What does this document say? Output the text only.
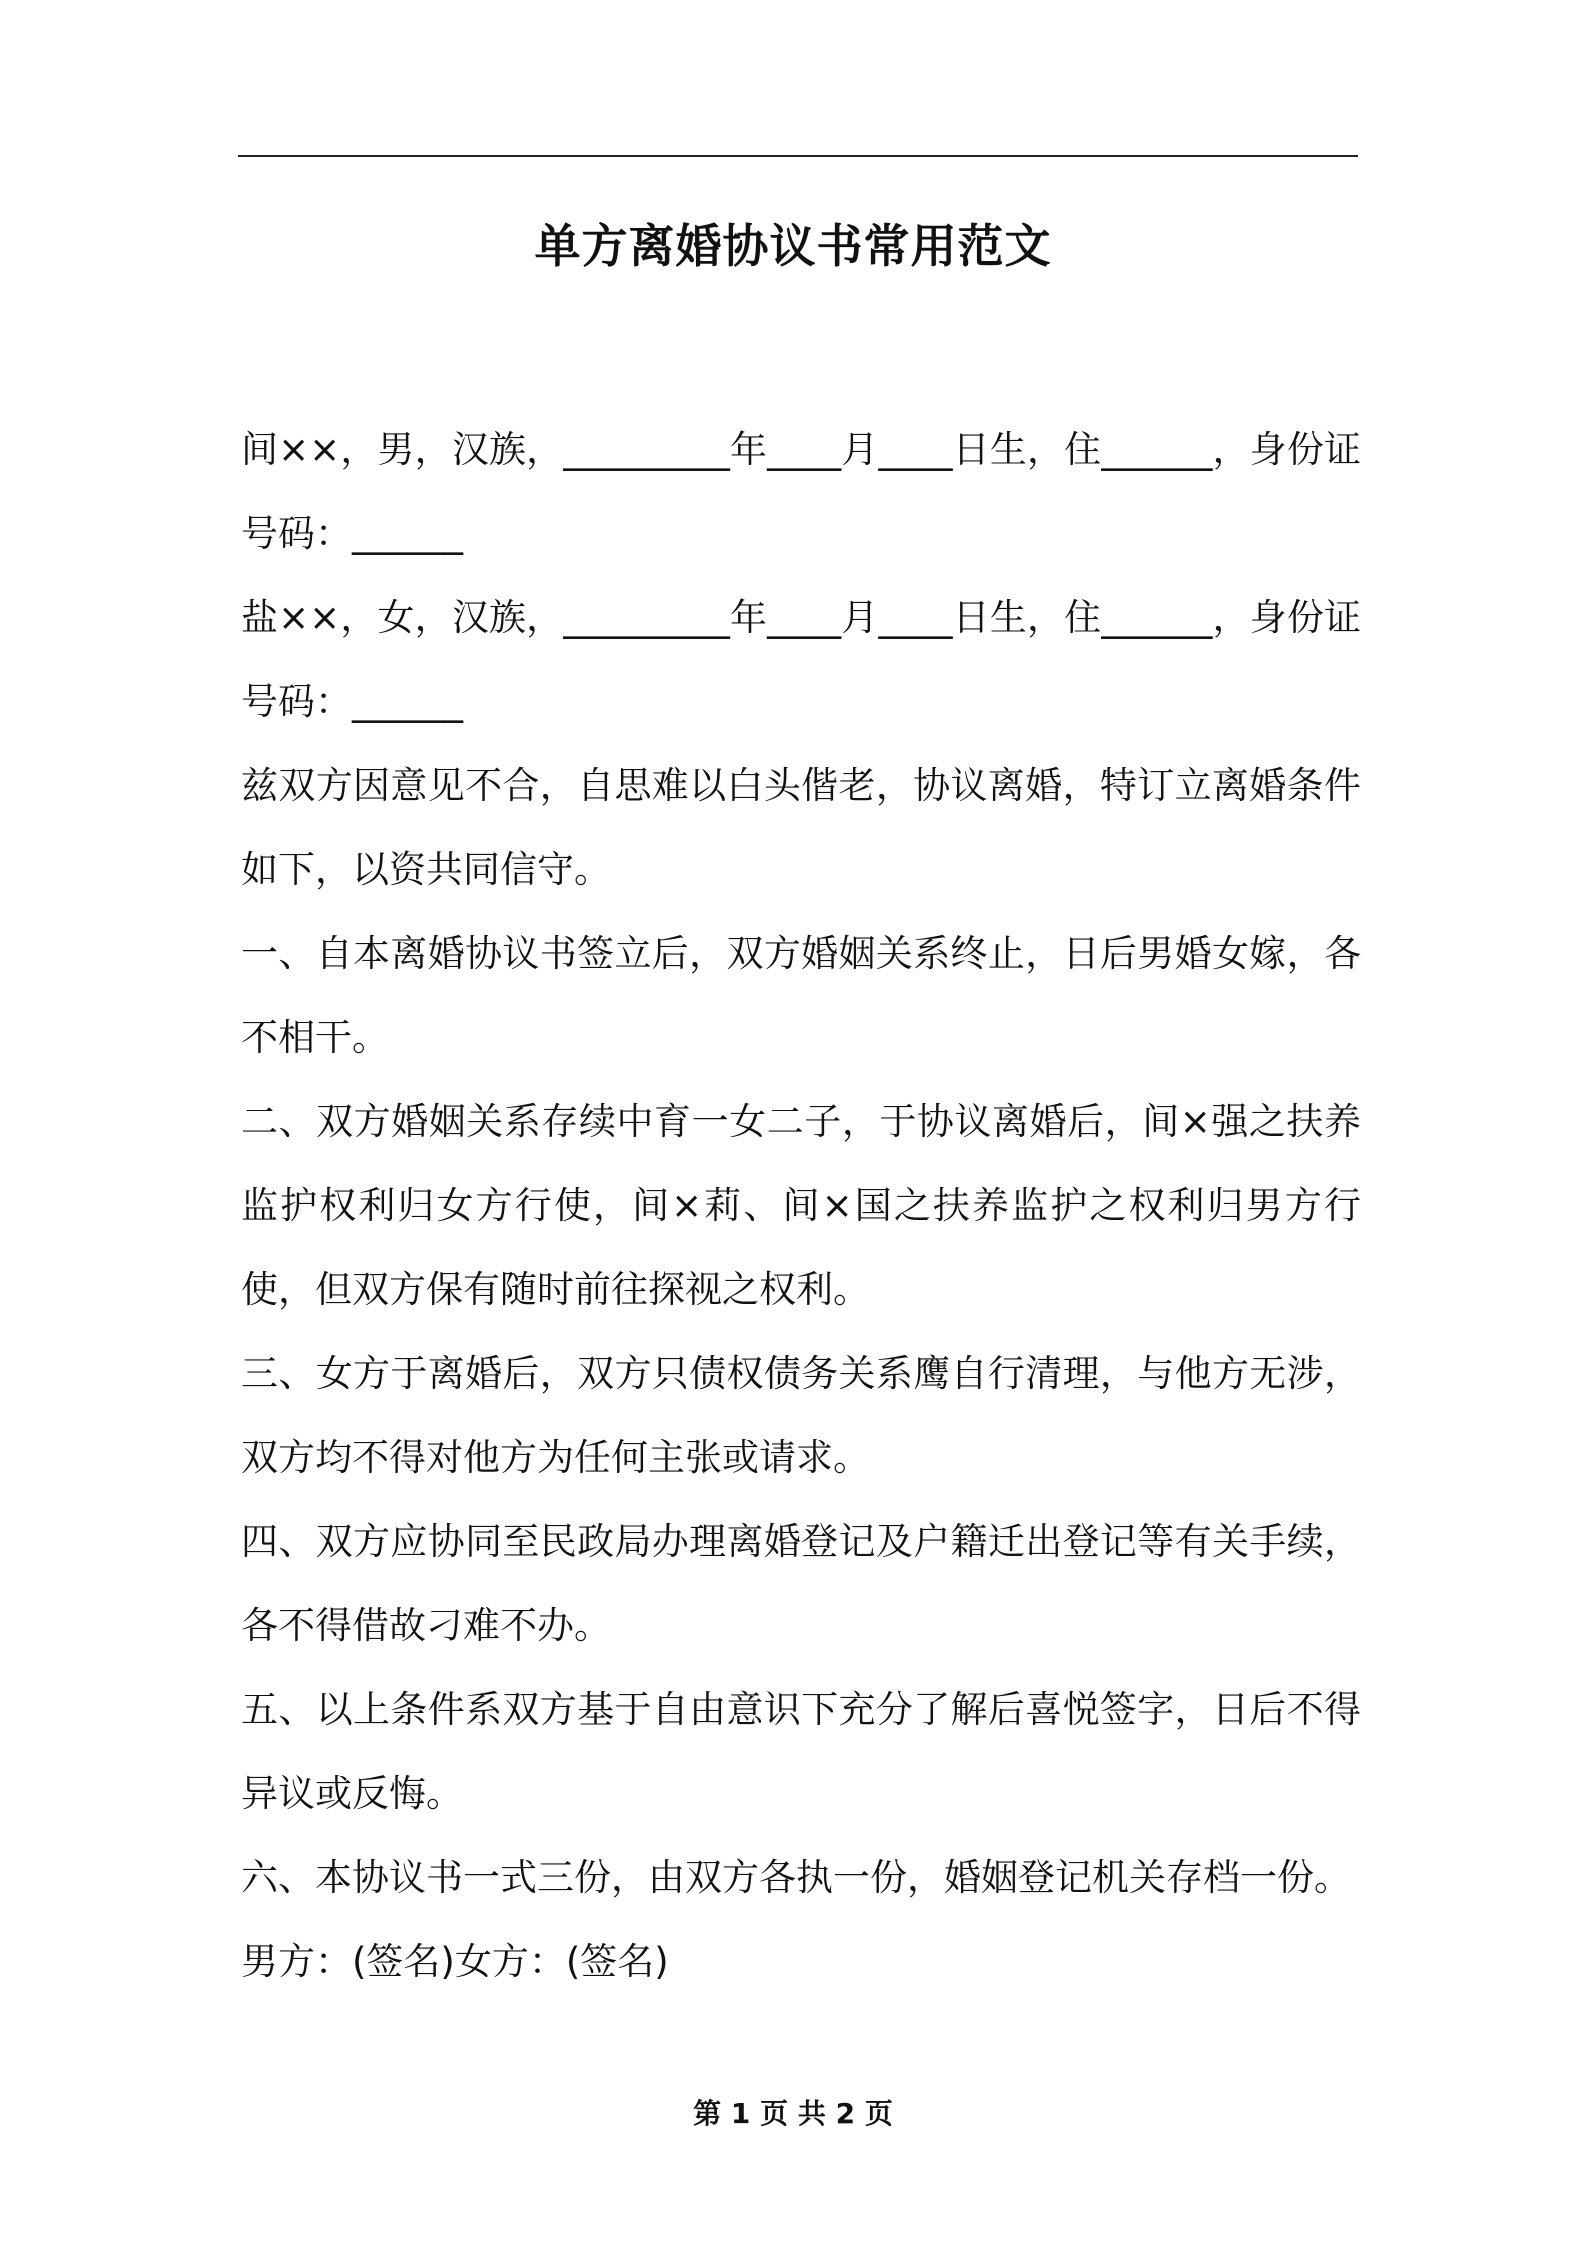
单方离婚协议书常用范文

间××，男，汉族，_________年____月____日生，住______，身份证号码：______

盐××，女，汉族，_________年____月____日生，住______，身份证号码：______

兹双方因意见不合，自思难以白头偕老，协议离婚，特订立离婚条件如下，以资共同信守。

一、自本离婚协议书签立后，双方婚姻关系终止，日后男婚女嫁，各不相干。

二、双方婚姻关系存续中育一女二子，于协议离婚后，间×强之扶养监护权利归女方行使，间×莉、间×国之扶养监护之权利归男方行使，但双方保有随时前往探视之权利。

三、女方于离婚后，双方只债权债务关系鹰自行清理，与他方无涉，双方均不得对他方为任何主张或请求。

四、双方应协同至民政局办理离婚登记及户籍迁出登记等有关手续，各不得借故刁难不办。

五、以上条件系双方基于自由意识下充分了解后喜悦签字，日后不得异议或反悔。

六、本协议书一式三份，由双方各执一份，婚姻登记机关存档一份。

男方：(签名)女方：(签名)

第 1 页 共 2 页
